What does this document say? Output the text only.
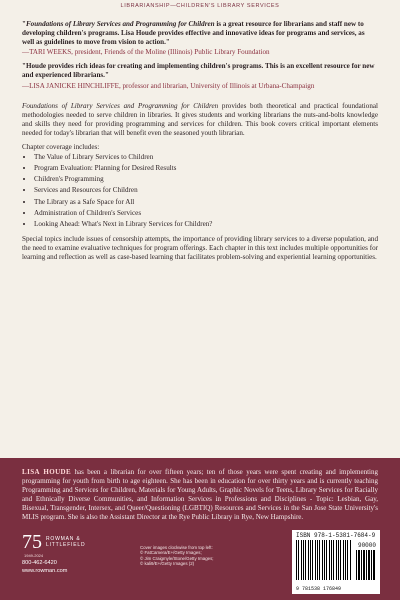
LIBRARIANSHIP—CHILDREN'S LIBRARY SERVICES
"Foundations of Library Services and Programming for Children is a great resource for librarians and staff new to developing children's programs. Lisa Houde provides effective and innovative ideas for programs and services, as well as guidelines to move from vision to action."
—TARI WEEKS, president, Friends of the Moline (Illinois) Public Library Foundation
"Houde provides rich ideas for creating and implementing children's programs. This is an excellent resource for new and experienced librarians."
—LISA JANICKE HINCHLIFFE, professor and librarian, University of Illinois at Urbana-Champaign
Foundations of Library Services and Programming for Children provides both theoretical and practical foundational methodologies needed to serve children in libraries. It gives students and working librarians the nuts-and-bolts knowledge and skills they need for providing programming and services for children. This book covers critical important elements needed for today's librarian that will benefit even the seasoned youth librarian.
Chapter coverage includes:
• The Value of Library Services to Children
• Program Evaluation: Planning for Desired Results
• Children's Programming
• Services and Resources for Children
• The Library as a Safe Space for All
• Administration of Children's Services
• Looking Ahead: What's Next in Library Services for Children?
Special topics include issues of censorship attempts, the importance of providing library services to a diverse population, and the need to examine evaluative techniques for program offerings. Each chapter in this text includes multiple opportunities for learning and reflection as well as case-based learning that facilitates problem-solving and experiential learning opportunities.
LISA HOUDE has been a librarian for over fifteen years; ten of those years were spent creating and implementing programming for youth from birth to age eighteen. She has been in education for over thirty years and is currently teaching Programming and Services for Children, Materials for Young Adults, Graphic Novels for Teens, Library Services for Racially and Ethnically Diverse Communities, and Information Services in Professions and Disciplines - Topic: Lesbian, Gay, Bisexual, Transgender, Intersex, and Queer/Questioning (LGBTIQ) Resources and Services in the San Jose State University's MLIS program. She is also the Assistant Director at the Rye Public Library in Rye, New Hampshire.
75 ROWMAN &
LITTLEFIELD
1949-2024
800-462-6420
www.rowman.com
Cover images clockwise from top left:
© FatCamera/E+/Getty Images;
© Jim Craigmyle/Stone/Getty Images;
© kali9/E+/Getty Images (2)
ISBN 978-1-5381-7684-9
90000
9 781538 176849
